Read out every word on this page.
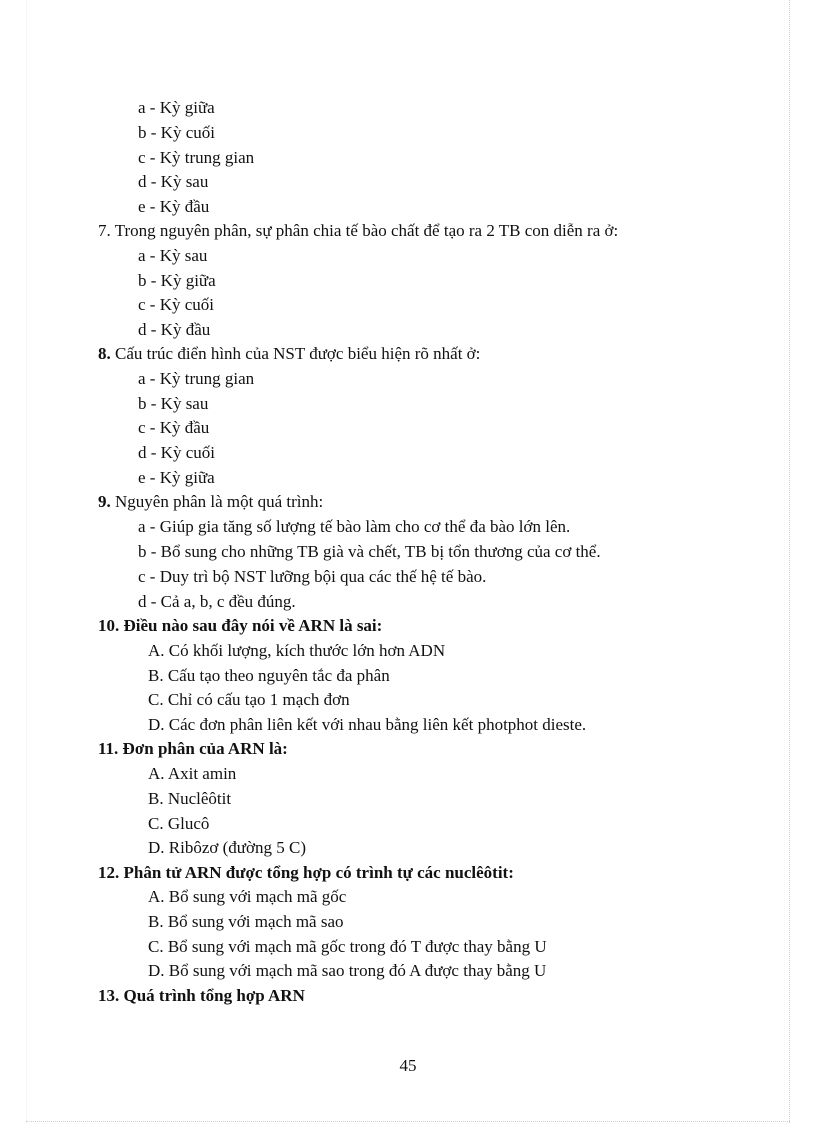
a - Kỳ giữa
b - Kỳ cuối
c - Kỳ trung gian
d - Kỳ sau
e - Kỳ đầu
7. Trong nguyên phân, sự phân chia tế bào chất để tạo ra 2 TB con diễn ra ở:
a - Kỳ sau
b - Kỳ giữa
c - Kỳ cuối
d - Kỳ đầu
8. Cấu trúc điển hình của NST được biểu hiện rõ nhất ở:
a - Kỳ trung gian
b - Kỳ sau
c - Kỳ đầu
d - Kỳ cuối
e - Kỳ giữa
9. Nguyên phân là một quá trình:
a - Giúp gia tăng số lượng tế bào làm cho cơ thể đa bào lớn lên.
b - Bổ sung cho những TB già và chết, TB bị tổn thương của cơ thể.
c - Duy trì bộ NST lưỡng bội qua các thế hệ tế bào.
d - Cả a, b, c đều đúng.
10. Điều nào sau đây nói về ARN là sai:
A. Có khối lượng, kích thước lớn hơn ADN
B. Cấu tạo theo nguyên tắc đa phân
C. Chỉ có cấu tạo 1 mạch đơn
D. Các đơn phân liên kết với nhau bằng liên kết photphot dieste.
11. Đơn phân của ARN là:
A. Axit amin
B. Nuclêôtit
C. Glucô
D. Ribôzơ (đường 5 C)
12. Phân tử ARN được tổng hợp có trình tự các nuclêôtit:
A. Bổ sung với mạch mã gốc
B. Bổ sung với mạch mã sao
C. Bổ sung với mạch mã gốc trong đó T được thay bằng U
D. Bổ sung với mạch mã sao trong đó A được thay bằng U
13. Quá trình tổng hợp ARN
45
